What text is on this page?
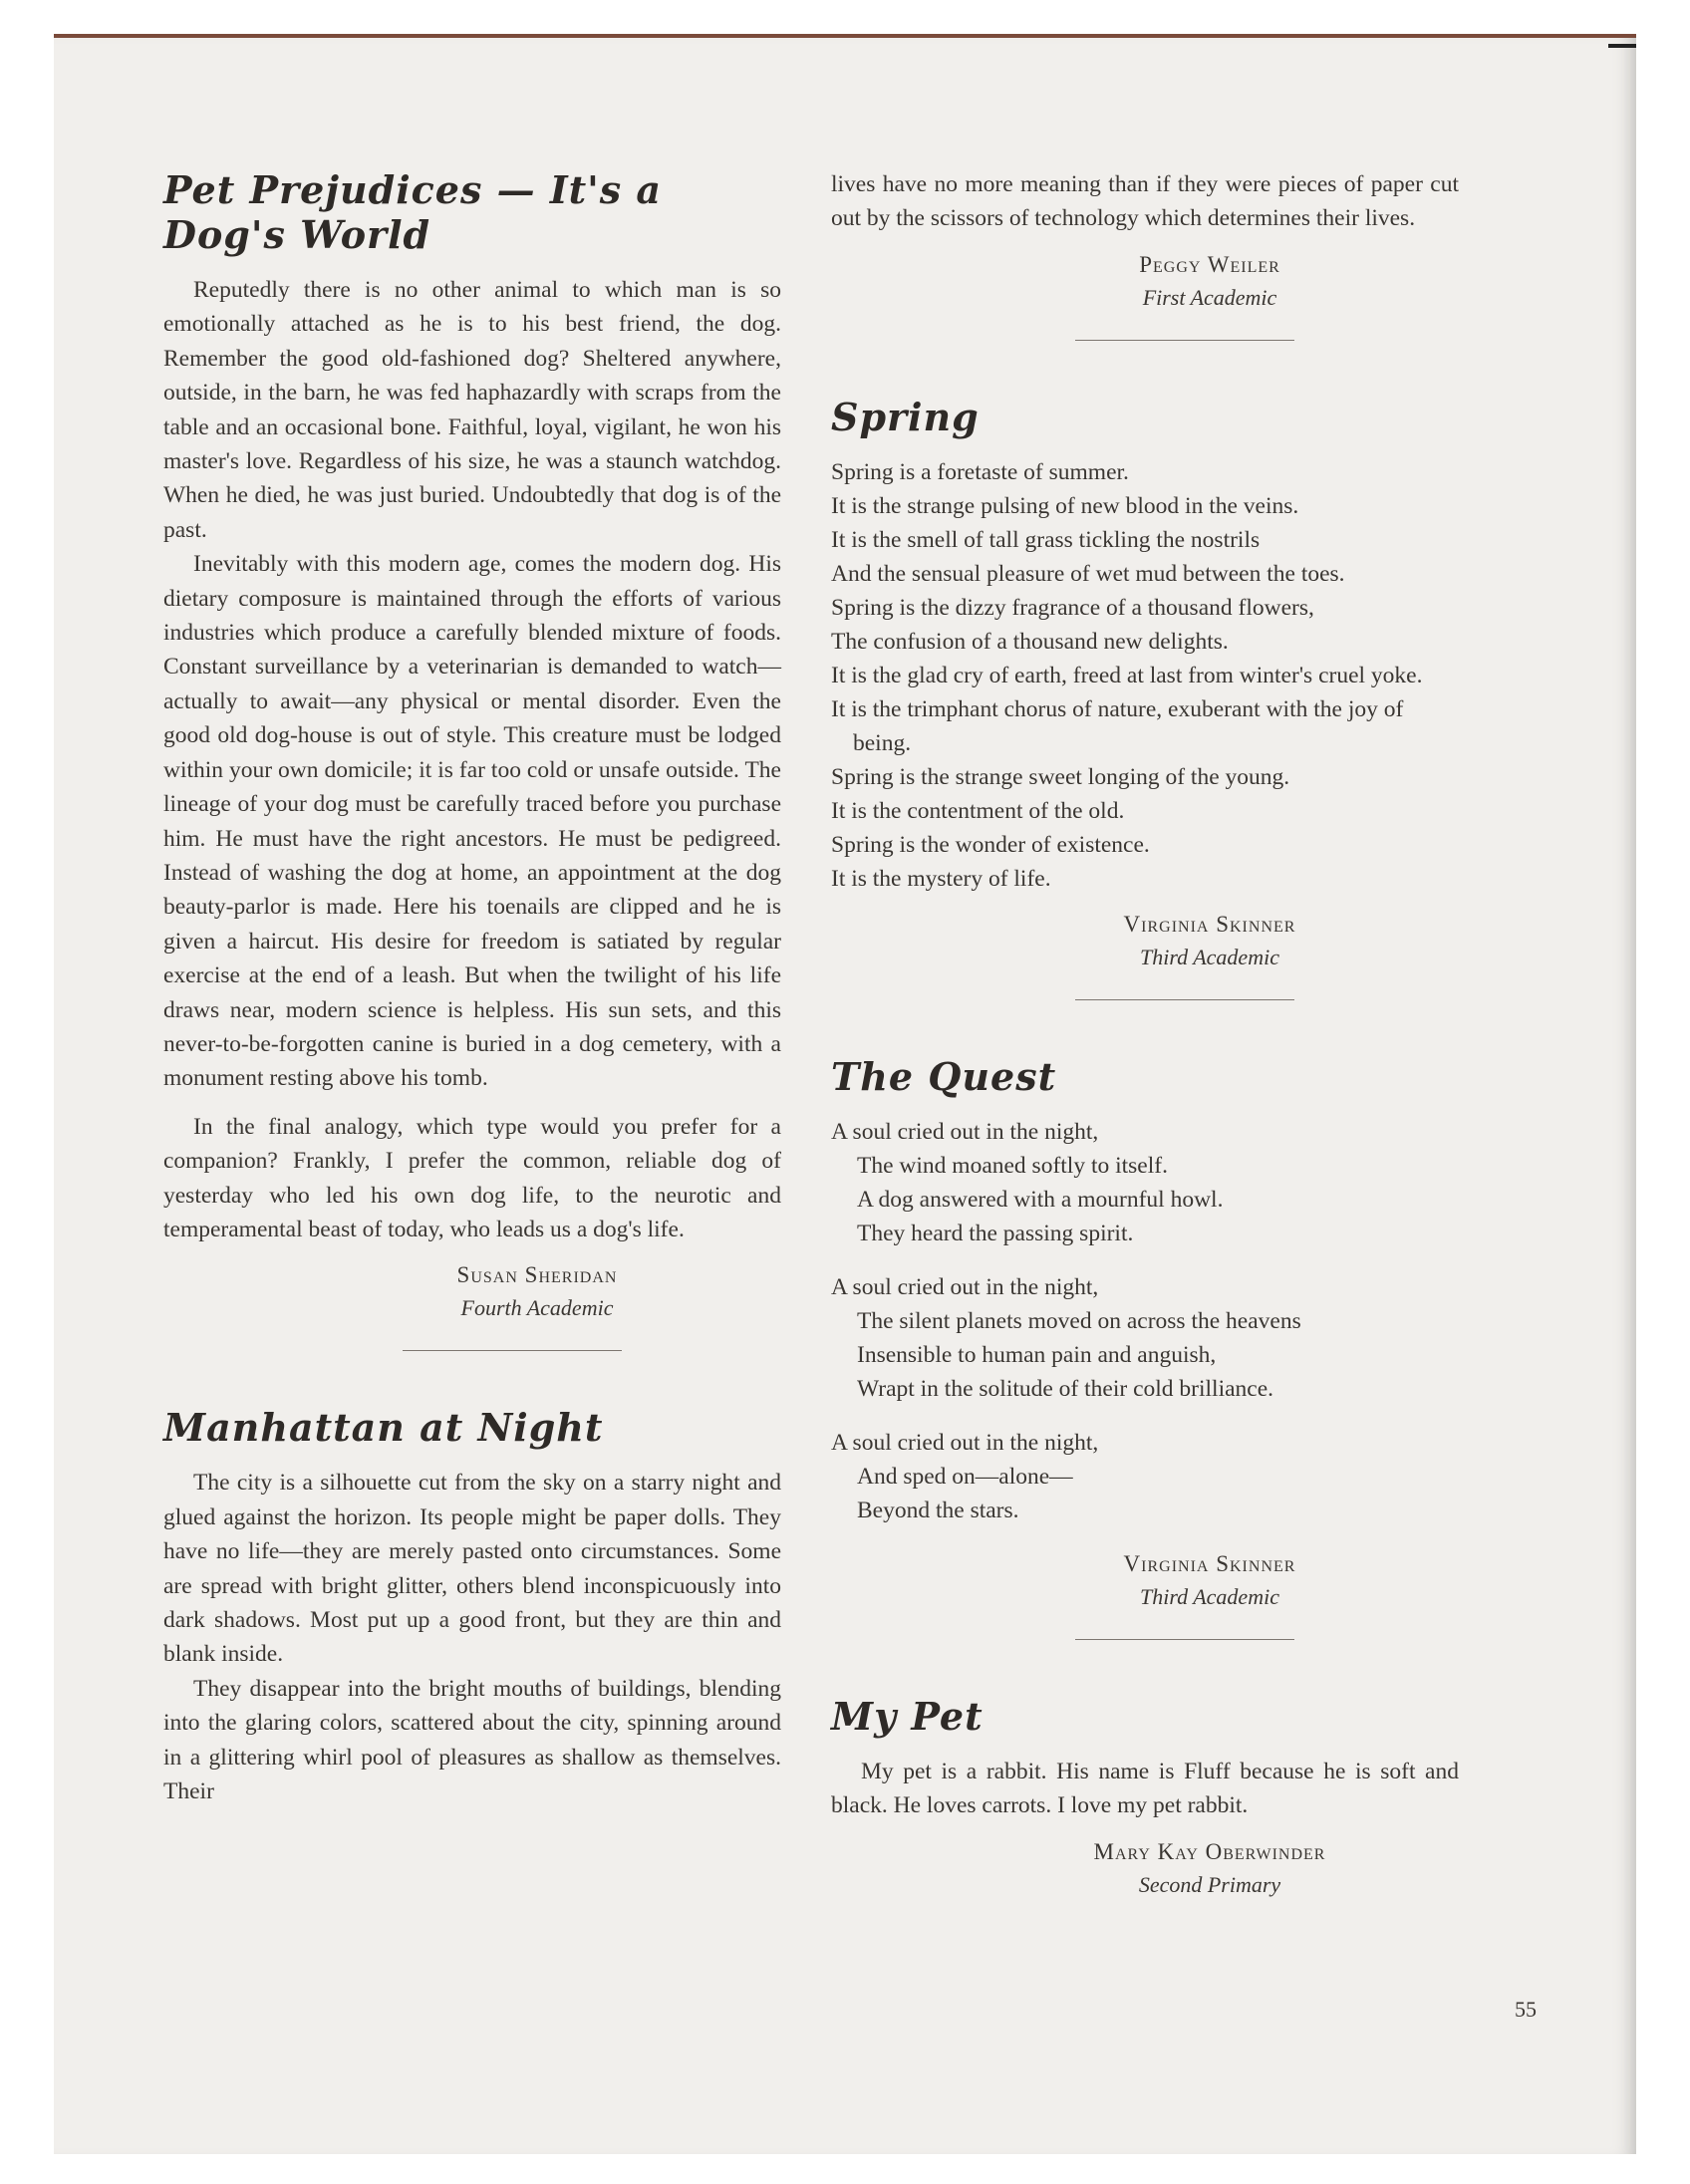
Pet Prejudices — It's a Dog's World

Reputedly there is no other animal to which man is so emotionally attached as he is to his best friend, the dog. Remember the good old-fashioned dog? Sheltered anywhere, outside, in the barn, he was fed haphazardly with scraps from the table and an occasional bone. Faithful, loyal, vigilant, he won his master's love. Regardless of his size, he was a staunch watchdog. When he died, he was just buried. Undoubtedly that dog is of the past.

Inevitably with this modern age, comes the modern dog. His dietary composure is maintained through the efforts of various industries which produce a carefully blended mixture of foods. Constant surveillance by a veterinarian is demanded to watch—actually to await—any physical or mental disorder. Even the good old dog-house is out of style. This creature must be lodged within your own domicile; it is far too cold or unsafe outside. The lineage of your dog must be carefully traced before you purchase him. He must have the right ancestors. He must be pedigreed. Instead of washing the dog at home, an appointment at the dog beauty-parlor is made. Here his toenails are clipped and he is given a haircut. His desire for freedom is satiated by regular exercise at the end of a leash. But when the twilight of his life draws near, modern science is helpless. His sun sets, and this never-to-be-forgotten canine is buried in a dog cemetery, with a monument resting above his tomb.

In the final analogy, which type would you prefer for a companion? Frankly, I prefer the common, reliable dog of yesterday who led his own dog life, to the neurotic and temperamental beast of today, who leads us a dog's life.

Susan Sheridan
Fourth Academic
Manhattan at Night

The city is a silhouette cut from the sky on a starry night and glued against the horizon. Its people might be paper dolls. They have no life—they are merely pasted onto circumstances. Some are spread with bright glitter, others blend inconspicuously into dark shadows. Most put up a good front, but they are thin and blank inside.

They disappear into the bright mouths of buildings, blending into the glaring colors, scattered about the city, spinning around in a glittering whirl pool of pleasures as shallow as themselves. Their

lives have no more meaning than if they were pieces of paper cut out by the scissors of technology which determines their lives.

Peggy Weiler
First Academic
Spring
Spring is a foretaste of summer.
It is the strange pulsing of new blood in the veins.
It is the smell of tall grass tickling the nostrils
And the sensual pleasure of wet mud between the toes.
Spring is the dizzy fragrance of a thousand flowers,
The confusion of a thousand new delights.
It is the glad cry of earth, freed at last from winter's cruel yoke.
It is the trimphant chorus of nature, exuberant with the joy of being.
Spring is the strange sweet longing of the young.
It is the contentment of the old.
Spring is the wonder of existence.
It is the mystery of life.
Virginia Skinner
Third Academic
The Quest
A soul cried out in the night,
The wind moaned softly to itself.
A dog answered with a mournful howl.
They heard the passing spirit.
A soul cried out in the night,
The silent planets moved on across the heavens
Insensible to human pain and anguish,
Wrapt in the solitude of their cold brilliance.
A soul cried out in the night,
And sped on—alone—
Beyond the stars.
Virginia Skinner
Third Academic
My Pet

My pet is a rabbit. His name is Fluff because he is soft and black. He loves carrots. I love my pet rabbit.

Mary Kay Oberwinder
Second Primary
55
